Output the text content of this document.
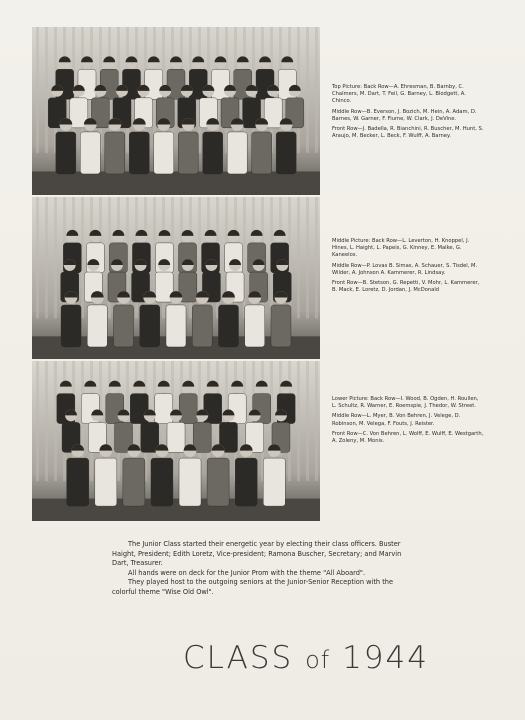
Top Picture: Back Row—A. Ehresman, B. Barnby, C. Chalmers, M. Dart, T. Feil, G. Barney, L. Blodgett, A. Chinco.

Middle Row—B. Everson, J. Bozich, M. Hein, A. Adam, D. Barnes, W. Garner, F. Fiume, W. Clark, J. DeVine.

Front Row—J. Badella, R. Bianchini, R. Buscher, M. Hunt, S. Araujo, M. Becker, L. Beck, F. Wulff, A. Barney.

Middle Picture: Back Row—L. Leverton, H. Knoppel, J. Hines, L. Haight, L. Papeis, G. Kinney, E. Malke, G. Kaneelos.

Middle Row—P. Lovas B. Simas, A. Schauer, S. Tisdel, M. Wilder, A. Johnson A. Kammerer, R. Lindsay.

Front Row—B. Stetson, G. Repetti, V. Mohr, L. Kammerer, B. Mack, E. Loretz, D. Jordan, J. McDonald

Lower Picture: Back Row—I. Wood, B. Ogden, H. Roullen, L. Schultz, R. Warner, E. Roemspie, J. Thedor, W. Street.

Middle Row—L. Myer, B. Von Behren, J. Velege, D. Robinson, M. Velega, F. Fouts, J. Reister.

Front Row—C. Von Behren, L. Wolff, E. Wulff, E. Westgarth, A. Zoleny, M. Monis.

The Junior Class started their energetic year by electing their class officers. Buster Haight, President; Edith Loretz, Vice-president; Ramona Buscher, Secretary; and Marvin Dart, Treasurer.

All hands were on deck for the Junior Prom with the theme "All Aboard".

They played host to the outgoing seniors at the Junior-Senior Reception with the colorful theme "Wise Old Owl".

CLASS of 1944
